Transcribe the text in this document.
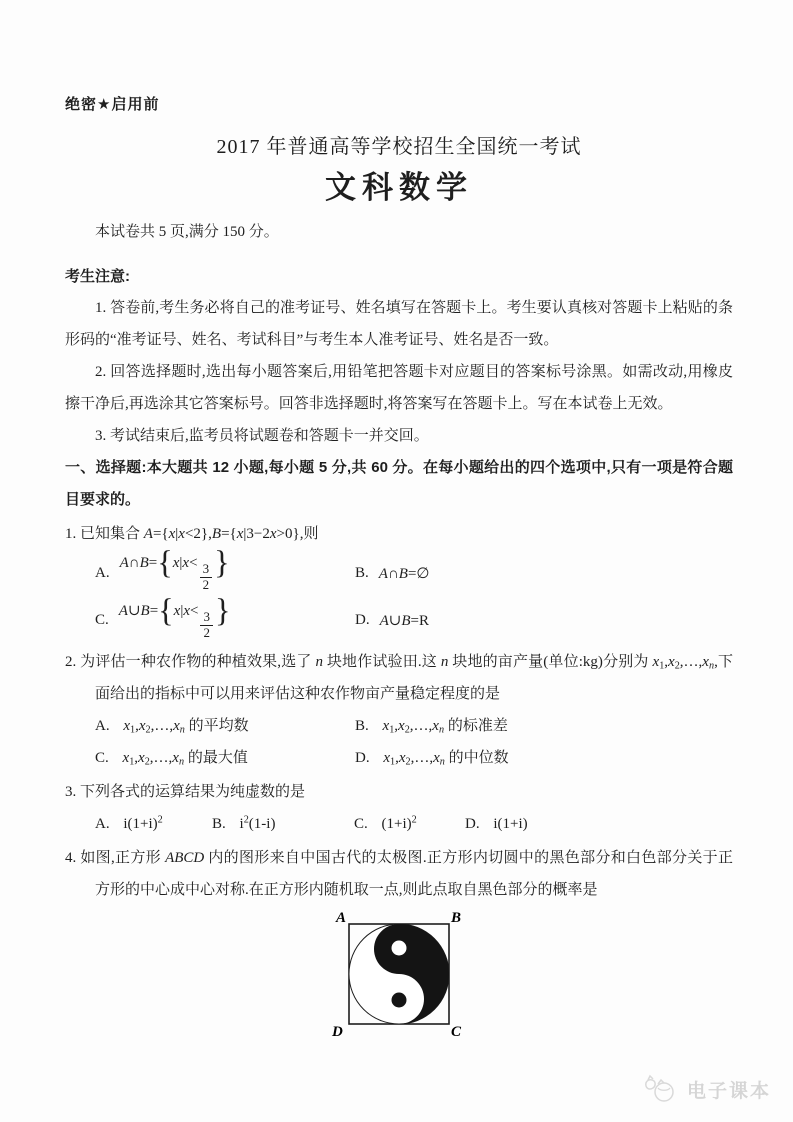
绝密★启用前
2017 年普通高等学校招生全国统一考试
文科数学

本试卷共 5 页,满分 150 分。

考生注意:

1. 答卷前,考生务必将自己的准考证号、姓名填写在答题卡上。考生要认真核对答题卡上粘贴的条形码的“准考证号、姓名、考试科目”与考生本人准考证号、姓名是否一致。

2. 回答选择题时,选出每小题答案后,用铅笔把答题卡对应题目的答案标号涂黑。如需改动,用橡皮擦干净后,再选涂其它答案标号。回答非选择题时,将答案写在答题卡上。写在本试卷上无效。

3. 考试结束后,监考员将试题卷和答题卡一并交回。

一、选择题:本大题共 12 小题,每小题 5 分,共 60 分。在每小题给出的四个选项中,只有一项是符合题目要求的。

1. 已知集合 A={x|x<2},B={x|3−2x>0},则

A.
A∩B={x|x< $\frac{3}{2}$ }	B. A∩B=∅
C.
A∪B={x|x< $\frac{3}{2}$ }	D. A∪B=R

2. 为评估一种农作物的种植效果,选了 n 块地作试验田.这 n 块地的亩产量(单位:kg)分别为 $x_1,x_2,\dots,x_n$,下面给出的指标中可以用来评估这种农作物亩产量稳定程度的是

A. $x_1,x_2,\dots,x_n$ 的平均数	B. $x_1,x_2,\dots,x_n$ 的标准差
C. $x_1,x_2,\dots,x_n$ 的最大值	D. $x_1,x_2,\dots,x_n$ 的中位数

3. 下列各式的运算结果为纯虚数的是

A. $i(1+i)^2$	B. $i^2(1-i)$	C. $(1+i)^2$	D. i(1+i)

4. 如图,正方形 ABCD 内的图形来自中国古代的太极图.正方形内切圆中的黑色部分和白色部分关于正方形的中心成中心对称.在正方形内随机取一点,则此点取自黑色部分的概率是

A	B
C
D
电子课本
